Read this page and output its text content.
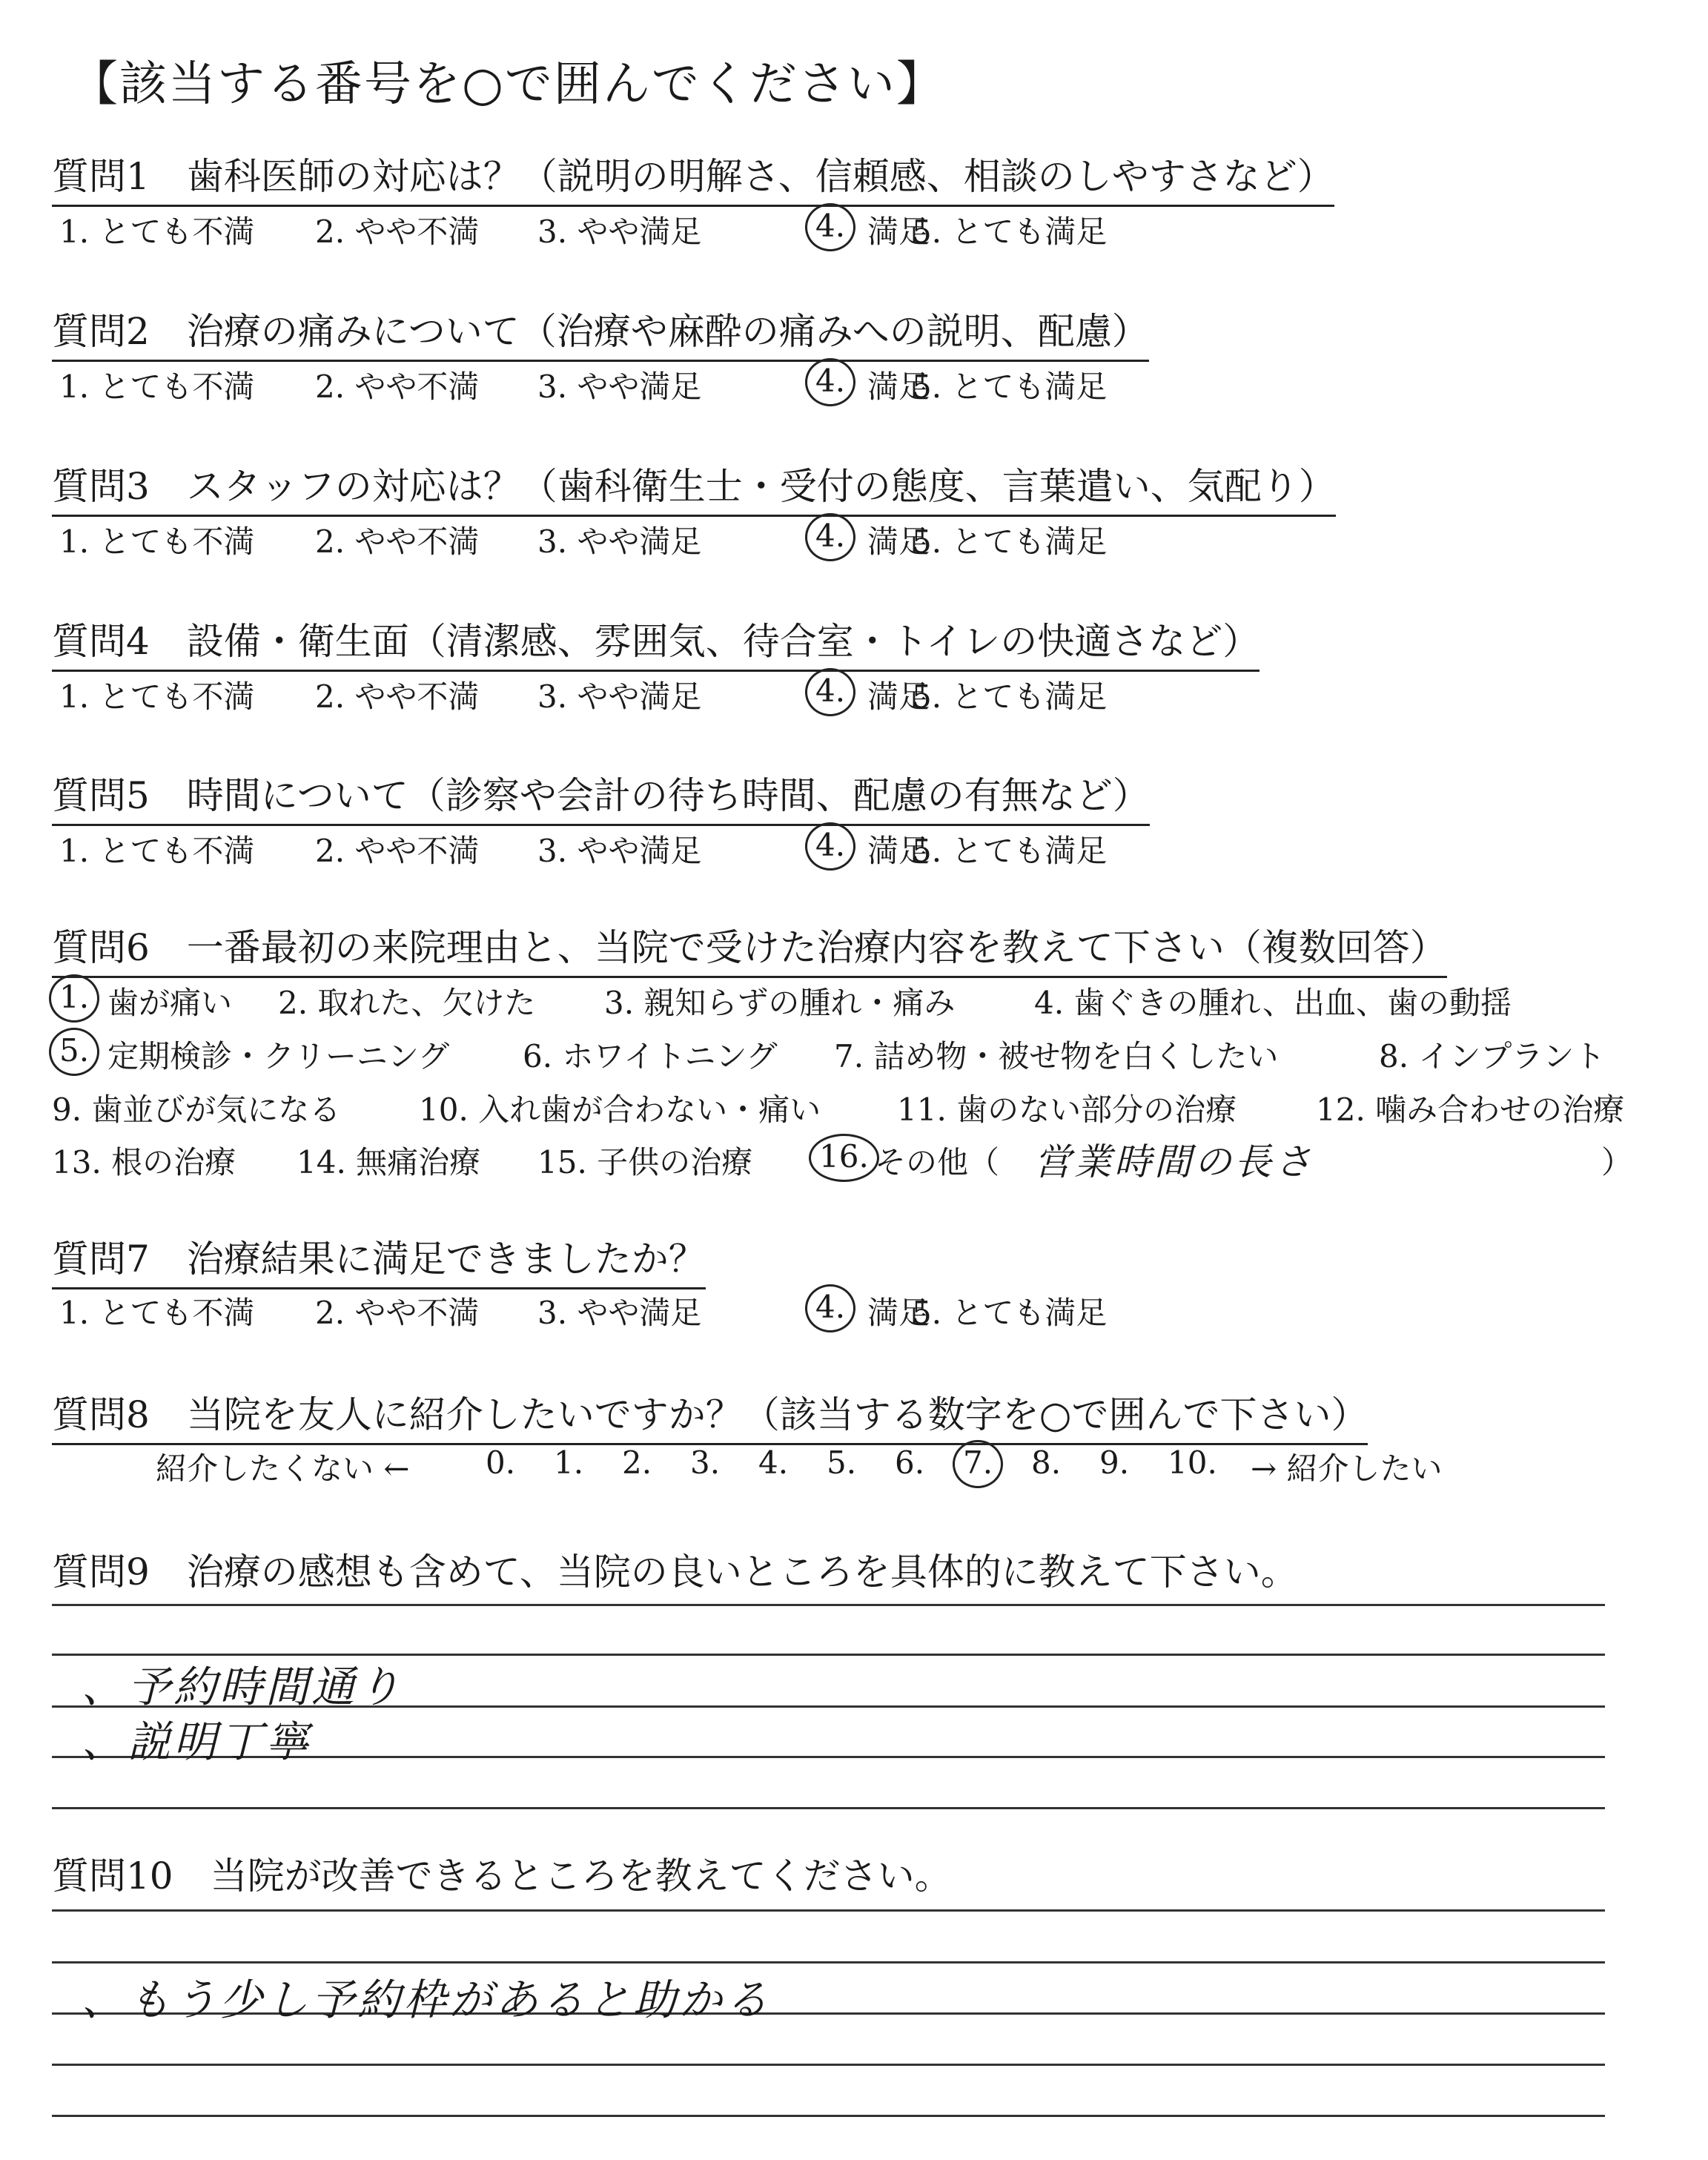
【該当する番号を○で囲んでください】
質問1　歯科医師の対応は？（説明の明解さ、信頼感、相談のしやすさなど）
1. とても不満 2. やや不満 3. やや満足	4. 満足
5. とても満足
質問2　治療の痛みについて（治療や麻酔の痛みへの説明、配慮）
1. とても不満 2. やや不満 3. やや満足	4. 満足
5. とても満足
質問3　スタッフの対応は？（歯科衛生士・受付の態度、言葉遣い、気配り）
1. とても不満 2. やや不満 3. やや満足	4. 満足
5. とても満足
質問4　設備・衛生面（清潔感、雰囲気、待合室・トイレの快適さなど）
1. とても不満 2. やや不満 3. やや満足	4. 満足
5. とても満足
質問5　時間について（診察や会計の待ち時間、配慮の有無など）
1. とても不満 2. やや不満 3. やや満足	4. 満足
5. とても満足
質問6　一番最初の来院理由と、当院で受けた治療内容を教えて下さい（複数回答）
1. 歯が痛い 2. 取れた、欠けた 3. 親知らずの腫れ・痛み	4. 歯ぐきの腫れ、出血、歯の動揺
5. 定期検診・クリーニング 6. ホワイトニング 7. 詰め物・被せ物を白くしたい	8. インプラント
9. 歯並びが気になる	10. 入れ歯が合わない・痛い 11. 歯のない部分の治療	12. 噛み合わせの治療
13. 根の治療 14. 無痛治療 15. 子供の治療 16. その他（ 営業時間の長さ	）
質問7　治療結果に満足できましたか？
1. とても不満 2. やや不満 3. やや満足	4. 満足
5. とても満足
質問8　当院を友人に紹介したいですか？（該当する数字を○で囲んで下さい）
紹介したくない ← 0. 1. 2. 3. 4. 5. 6. 7. 8. 9. 10. → 紹介したい
質問9　治療の感想も含めて、当院の良いところを具体的に教えて下さい。
、予約時間通り
、説明丁寧
質問10　当院が改善できるところを教えてください。
、もう少し予約枠があると助かる
